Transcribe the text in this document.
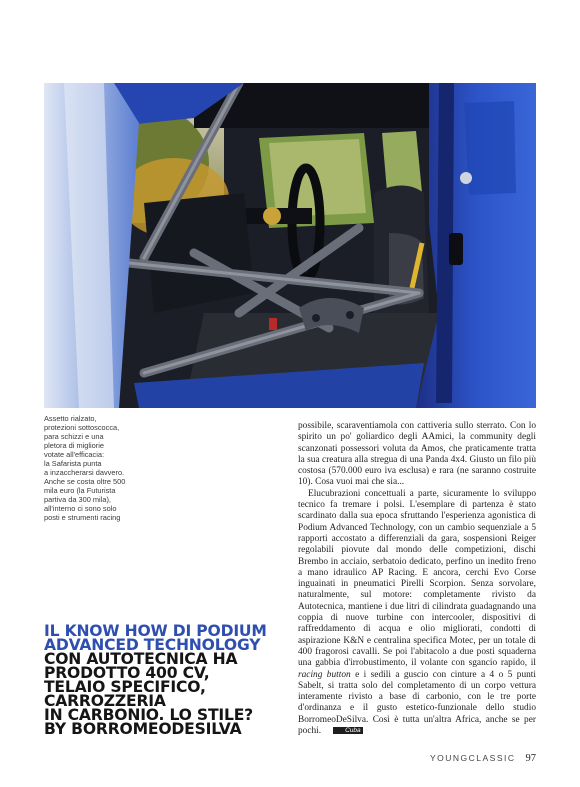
Assetto rialzato,
protezioni sottoscocca,
para schizzi e una
pletora di migliorie
votate all'efficacia:
la Safarista punta
a inzaccherarsi davvero.
Anche se costa oltre 500
mila euro (la Futurista
partiva da 300 mila),
all'interno ci sono solo
posti e strumenti racing
IL KNOW HOW DI PODIUM
ADVANCED TECHNOLOGY
CON AUTOTECNICA HA
PRODOTTO 400 CV,
TELAIO SPECIFICO,
CARROZZERIA
IN CARBONIO. LO STILE?
BY BORROMEODESILVA

possibile, scaraventiamola con cattiveria sullo sterrato. Con lo spirito un po' goliardico degli AAmici, la community degli scanzonati possessori voluta da Amos, che praticamente tratta la sua creatura alla stregua di una Panda 4x4. Giusto un filo più costosa (570.000 euro iva esclusa) e rara (ne saranno costruite 10). Cosa vuoi mai che sia...

Elucubrazioni concettuali a parte, sicuramente lo sviluppo tecnico fa tremare i polsi. L'esemplare di partenza è stato scardinato dalla sua epoca sfruttando l'esperienza agonistica di Podium Advanced Technology, con un cambio sequenziale a 5 rapporti accostato a differenziali da gara, sospensioni Reiger regolabili piovute dal mondo delle competizioni, dischi Brembo in acciaio, serbatoio dedicato, perfino un inedito freno a mano idraulico AP Racing. E ancora, cerchi Evo Corse inguainati in pneumatici Pirelli Scorpion. Senza sorvolare, naturalmente, sul motore: completamente rivisto da Autotecnica, mantiene i due litri di cilindrata guadagnando una coppia di nuove turbine con intercooler, dispositivi di raffreddamento di acqua e olio migliorati, condotti di aspirazione K&N e centralina specifica Motec, per un totale di 400 fragorosi cavalli. Se poi l'abitacolo a due posti squaderna una gabbia d'irrobustimento, il volante con sgancio rapido, il racing button e i sedili a guscio con cinture a 4 o 5 punti Sabelt, si tratta solo del completamento di un corpo vettura interamente rivisto a base di carbonio, con le tre porte d'ordinanza e il gusto estetico-funzionale dello studio BorromeoDeSilva. Così è tutta un'altra Africa, anche se per pochi.	Cuba

YOUNGCLASSIC 97
